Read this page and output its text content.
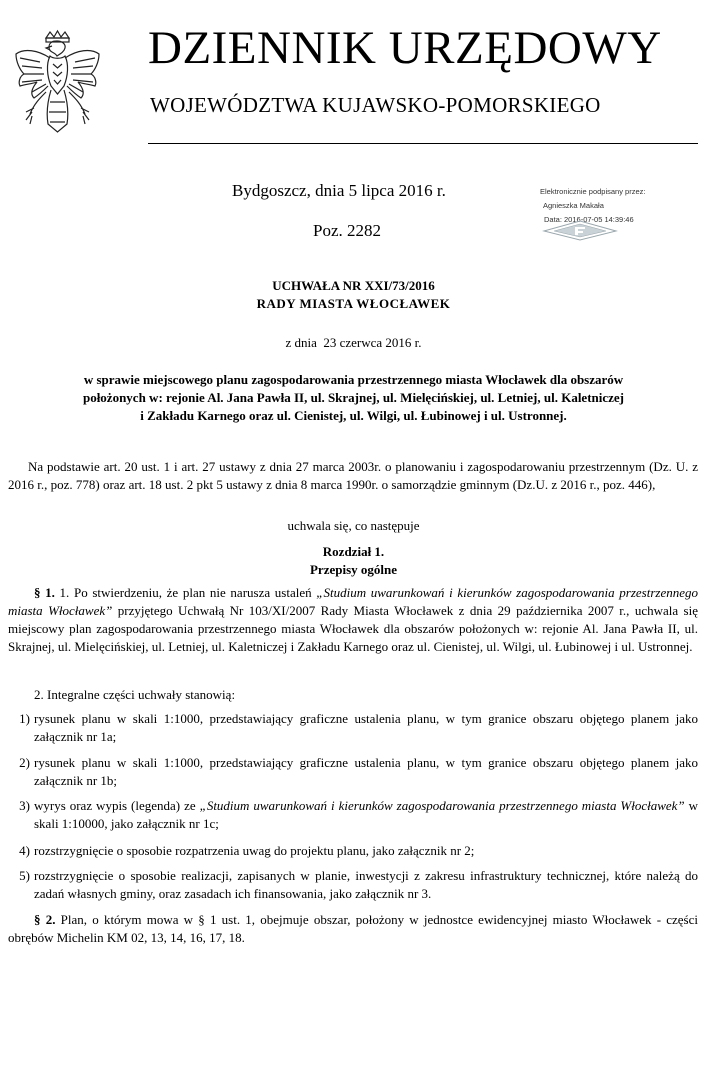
DZIENNIK URZĘDOWY
WOJEWÓDZTWA KUJAWSKO-POMORSKIEGO
Bydgoszcz, dnia 5 lipca 2016 r.
Poz. 2282
Elektronicznie podpisany przez:
Agnieszka Makała
Data: 2016-07-05 14:39:46
UCHWAŁA NR XXI/73/2016
RADY MIASTA WŁOCŁAWEK
z dnia  23 czerwca 2016 r.
w sprawie miejscowego planu zagospodarowania przestrzennego miasta Włocławek dla obszarów
położonych w: rejonie Al. Jana Pawła II, ul. Skrajnej, ul. Mielęcińskiej, ul. Letniej, ul. Kaletniczej
i Zakładu Karnego oraz ul. Cienistej, ul. Wilgi, ul. Łubinowej i ul. Ustronnej.
Na podstawie art. 20 ust. 1 i art. 27 ustawy z dnia 27 marca 2003r. o planowaniu i zagospodarowaniu przestrzennym (Dz. U. z 2016 r., poz. 778) oraz art. 18 ust. 2 pkt 5 ustawy z dnia 8 marca 1990r. o samorządzie gminnym (Dz.U. z 2016 r., poz. 446),
uchwala się, co następuje
Rozdział 1.
Przepisy ogólne
§ 1. 1. Po stwierdzeniu, że plan nie narusza ustaleń „Studium uwarunkowań i kierunków zagospodarowania przestrzennego miasta Włocławek” przyjętego Uchwałą Nr 103/XI/2007 Rady Miasta Włocławek z dnia 29 października 2007 r., uchwala się miejscowy plan zagospodarowania przestrzennego miasta Włocławek dla obszarów położonych w: rejonie Al. Jana Pawła II, ul. Skrajnej, ul. Mielęcińskiej, ul. Letniej, ul. Kaletniczej i Zakładu Karnego oraz ul. Cienistej, ul. Wilgi, ul. Łubinowej i ul. Ustronnej.
2. Integralne części uchwały stanowią:
1) rysunek planu w skali 1:1000, przedstawiający graficzne ustalenia planu, w tym granice obszaru objętego planem jako załącznik nr 1a;
2) rysunek planu w skali 1:1000, przedstawiający graficzne ustalenia planu, w tym granice obszaru objętego planem jako załącznik nr 1b;
3) wyrys oraz wypis (legenda) ze „Studium uwarunkowań i kierunków zagospodarowania przestrzennego miasta Włocławek” w skali 1:10000, jako załącznik nr 1c;
4) rozstrzygnięcie o sposobie rozpatrzenia uwag do projektu planu, jako załącznik nr 2;
5) rozstrzygnięcie o sposobie realizacji, zapisanych w planie, inwestycji z zakresu infrastruktury technicznej, które należą do zadań własnych gminy, oraz zasadach ich finansowania, jako załącznik nr 3.
§ 2. Plan, o którym mowa w § 1 ust. 1, obejmuje obszar, położony w jednostce ewidencyjnej miasto Włocławek - części obrębów Michelin KM 02, 13, 14, 16, 17, 18.
